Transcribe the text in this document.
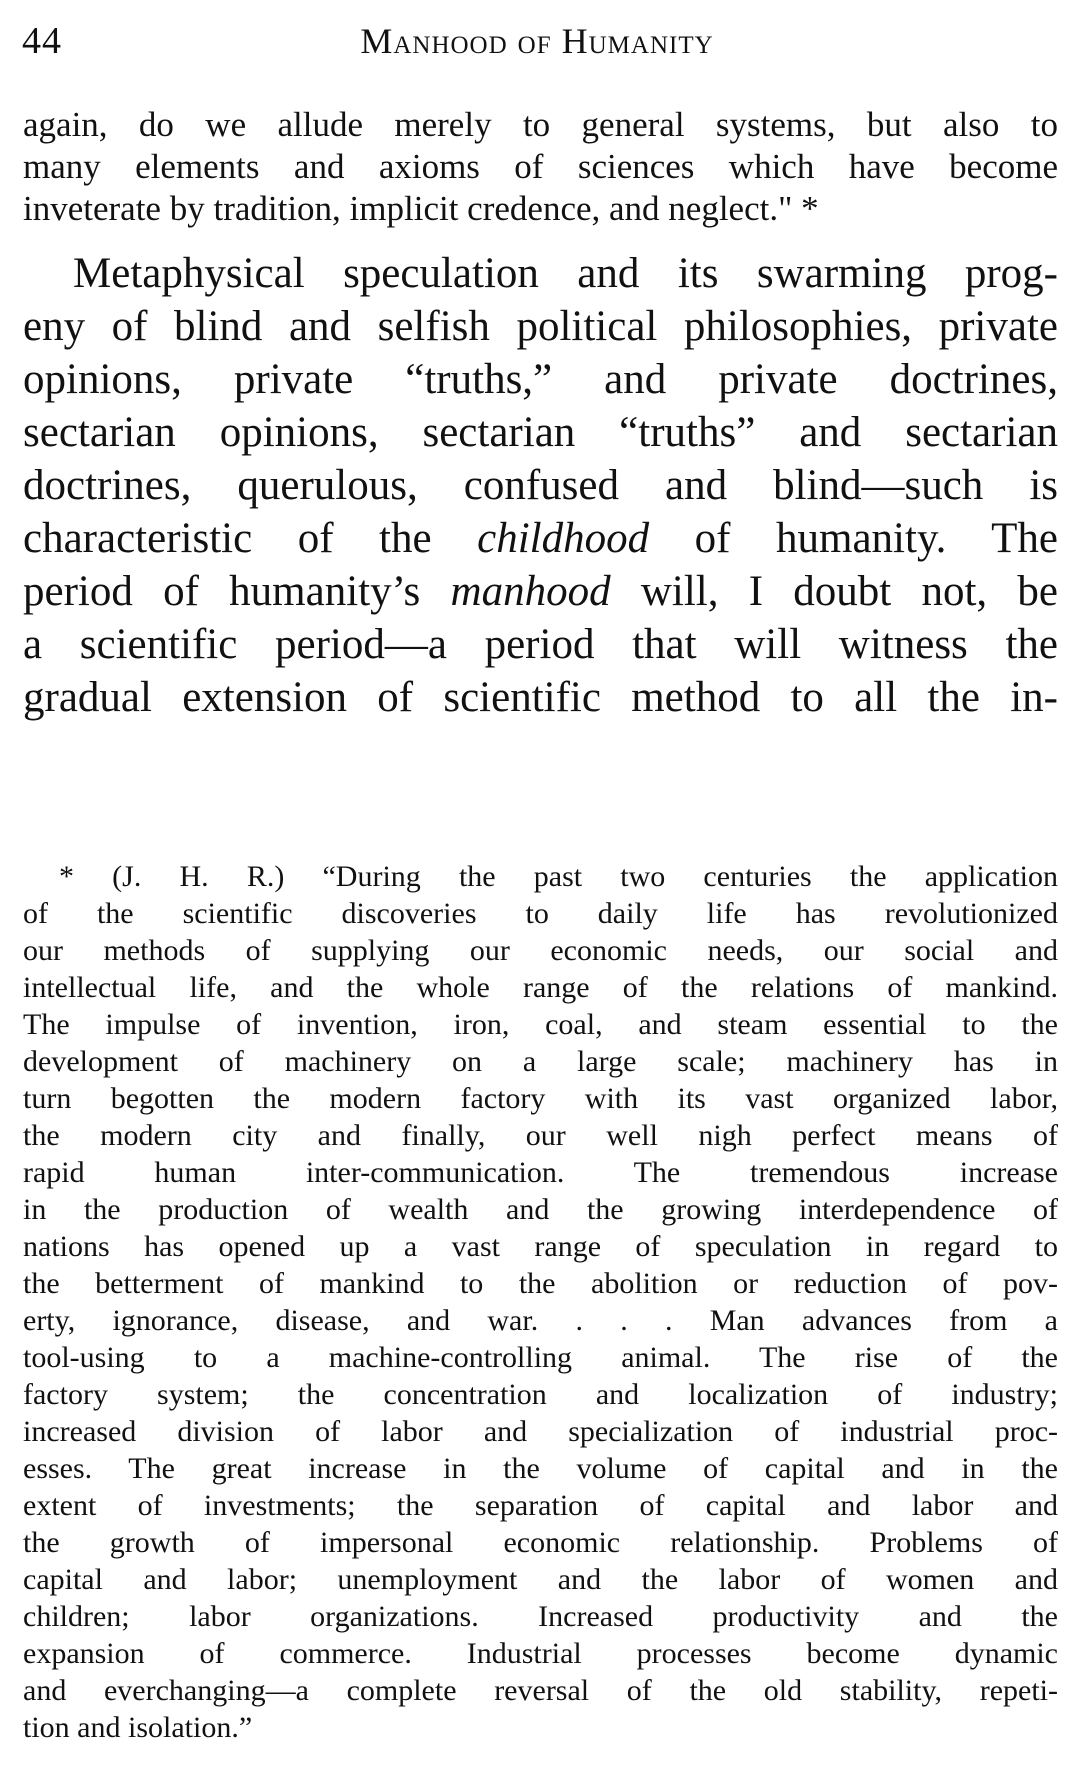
44	Manhood of Humanity
again, do we allude merely to general systems, but also to
many elements and axioms of sciences which have become
inveterate by tradition, implicit credence, and neglect." *
Metaphysical speculation and its swarming prog-
eny of blind and selfish political philosophies, private
opinions, private “truths,” and private doctrines,
sectarian opinions, sectarian “truths” and sectarian
doctrines, querulous, confused and blind—such is
characteristic of the childhood of humanity. The
period of humanity’s manhood will, I doubt not, be
a scientific period—a period that will witness the
gradual extension of scientific method to all the in-
* (J. H. R.) “During the past two centuries the application
of the scientific discoveries to daily life has revolutionized
our methods of supplying our economic needs, our social and
intellectual life, and the whole range of the relations of mankind.
The impulse of invention, iron, coal, and steam essential to the
development of machinery on a large scale; machinery has in
turn begotten the modern factory with its vast organized labor,
the modern city and finally, our well nigh perfect means of
rapid human inter-communication. The tremendous increase
in the production of wealth and the growing interdependence of
nations has opened up a vast range of speculation in regard to
the betterment of mankind to the abolition or reduction of pov-
erty, ignorance, disease, and war. . . . Man advances from a
tool-using to a machine-controlling animal. The rise of the
factory system; the concentration and localization of industry;
increased division of labor and specialization of industrial proc-
esses. The great increase in the volume of capital and in the
extent of investments; the separation of capital and labor and
the growth of impersonal economic relationship. Problems of
capital and labor; unemployment and the labor of women and
children; labor organizations. Increased productivity and the
expansion of commerce. Industrial processes become dynamic
and everchanging—a complete reversal of the old stability, repeti-
tion and isolation.”
